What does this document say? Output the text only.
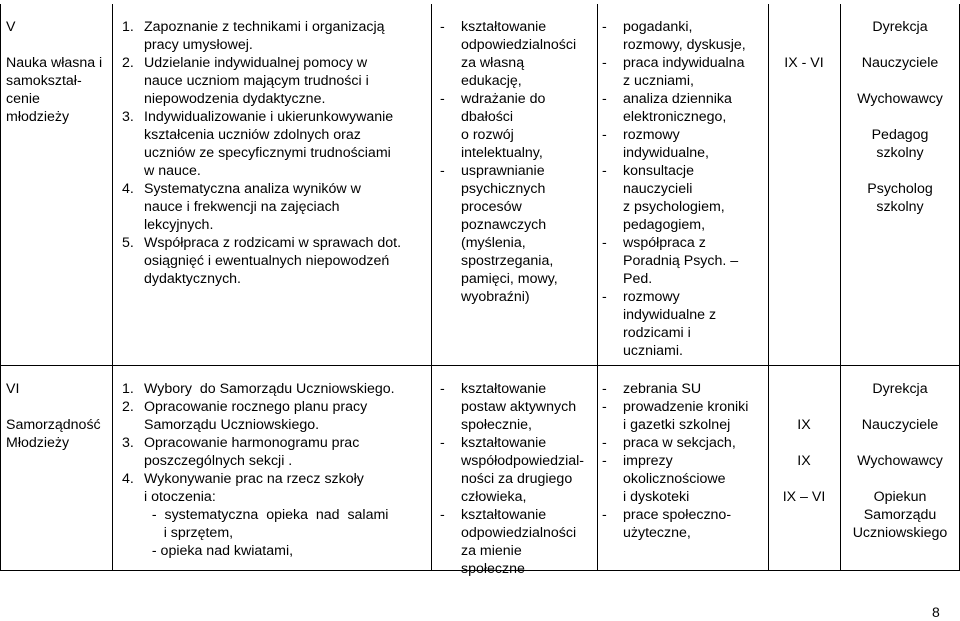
V
Nauka własna i
samokształ-
cenie
młodzieży
1. Zapoznanie z technikami i organizacją
pracy umysłowej.
2. Udzielanie indywidualnej pomocy w
nauce uczniom mającym trudności i
niepowodzenia dydaktyczne.
3. Indywidualizowanie i ukierunkowywanie
kształcenia uczniów zdolnych oraz
uczniów ze specyficznymi trudnościami
w nauce.
4. Systematyczna analiza wyników w
nauce i frekwencji na zajęciach
lekcyjnych.
5. Współpraca z rodzicami w sprawach dot.
osiągnięć i ewentualnych niepowodzeń
dydaktycznych.
- kształtowanie
odpowiedzialności
za własną
edukację,
- wdrażanie do
dbałości
o rozwój
intelektualny,
- usprawnianie
psychicznych
procesów
poznawczych
(myślenia,
spostrzegania,
pamięci, mowy,
wyobraźni)
- pogadanki,
rozmowy, dyskusje,
- praca indywidualna
z uczniami,
- analiza dziennika
elektronicznego,
- rozmowy
indywidualne,
- konsultacje
nauczycieli
z psychologiem,
pedagogiem,
- współpraca z
Poradnią Psych. –
Ped.
- rozmowy
indywidualne z
rodzicami i
uczniami.
IX - VI
Dyrekcja
Nauczyciele
Wychowawcy
Pedagog
szkolny
Psycholog
szkolny
VI
Samorządność
Młodzieży
1. Wybory  do Samorządu Uczniowskiego.
2. Opracowanie rocznego planu pracy
Samorządu Uczniowskiego.
3. Opracowanie harmonogramu prac
poszczególnych sekcji .
4. Wykonywanie prac na rzecz szkoły
i otoczenia:
-  systematyczna  opieka  nad  salami
i sprzętem,
- opieka nad kwiatami,
- kształtowanie
postaw aktywnych
społecznie,
- kształtowanie
współodpowiedzial-
ności za drugiego
człowieka,
- kształtowanie
odpowiedzialności
za mienie
społeczne
- zebrania SU
- prowadzenie kroniki
i gazetki szkolnej
- praca w sekcjach,
- imprezy
okolicznościowe
i dyskoteki
- prace społeczno-
użyteczne,
IX
IX
IX – VI
Dyrekcja
Nauczyciele
Wychowawcy
Opiekun
Samorządu
Uczniowskiego
8
